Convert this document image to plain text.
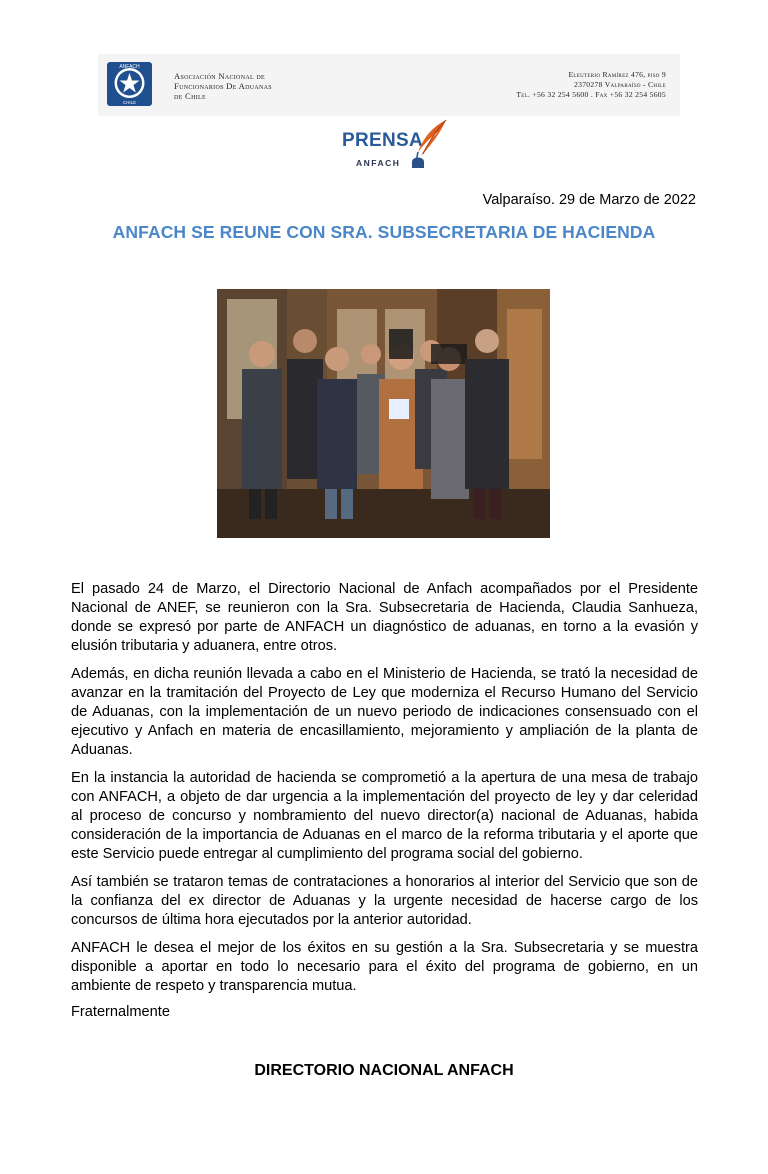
ANFACH
CHILE
Asociación Nacional de
Funcionarios De Aduanas
de Chile
Eleuterio Ramírez 476, piso 9
2370278 Valparaíso - Chile
Tel. +56 32 254 5600 . Fax +56 32 254 5605
PRENSA
ANFACH
Valparaíso. 29 de Marzo de 2022
ANFACH SE REUNE CON SRA. SUBSECRETARIA DE HACIENDA

El pasado 24 de Marzo, el Directorio Nacional de Anfach acompañados por el Presidente Nacional de ANEF, se reunieron con la Sra. Subsecretaria de Hacienda, Claudia Sanhueza, donde se expresó por parte de ANFACH un diagnóstico de aduanas, en torno a la evasión y elusión tributaria y aduanera, entre otros.

Además, en dicha reunión llevada a cabo en el Ministerio de Hacienda, se trató la necesidad de avanzar en la tramitación del Proyecto de Ley que moderniza el Recurso Humano del Servicio de Aduanas, con la implementación de un nuevo periodo de indicaciones consensuado con el ejecutivo y Anfach en materia de encasillamiento, mejoramiento y ampliación de la planta de Aduanas.

En la instancia la autoridad de hacienda se comprometió a la apertura de una mesa de trabajo con ANFACH, a objeto de dar urgencia a la implementación del proyecto de ley y dar celeridad al proceso de concurso y nombramiento del nuevo director(a) nacional de Aduanas, habida consideración de la importancia de Aduanas en el marco de la reforma tributaria y el aporte que este Servicio puede entregar al cumplimiento del programa social del gobierno.

Así también se trataron temas de contrataciones a honorarios al interior del Servicio que son de la confianza del ex director de Aduanas y la urgente necesidad de hacerse cargo de los concursos de última hora ejecutados por la anterior autoridad.

ANFACH le desea el mejor de los éxitos en su gestión a la Sra. Subsecretaria y se muestra disponible a aportar en todo lo necesario para el éxito del programa de gobierno, en un ambiente de respeto y transparencia mutua.

Fraternalmente
DIRECTORIO NACIONAL ANFACH
